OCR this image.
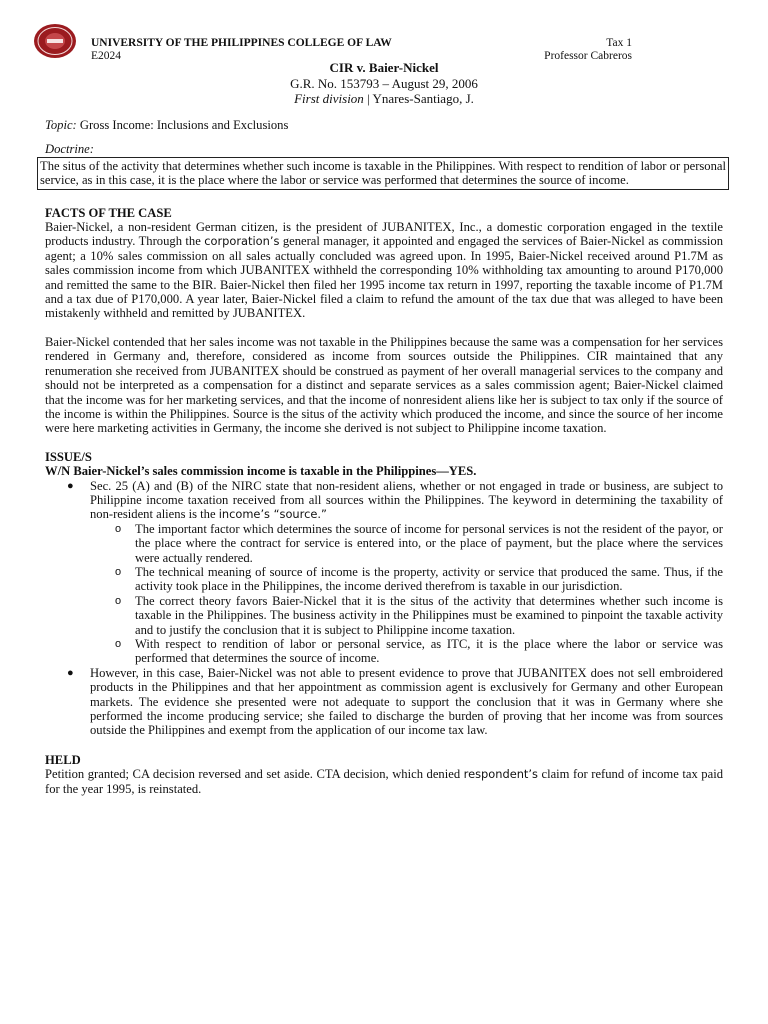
UNIVERSITY OF THE PHILIPPINES COLLEGE OF LAW
E2024
Tax 1
Professor Cabreros
CIR v. Baier-Nickel
G.R. No. 153793 – August 29, 2006
First division | Ynares-Santiago, J.

Topic: Gross Income: Inclusions and Exclusions

Doctrine:

The situs of the activity that determines whether such income is taxable in the Philippines. With respect to rendition of labor or personal service, as in this case, it is the place where the labor or service was performed that determines the source of income.

FACTS OF THE CASE

Baier-Nickel, a non-resident German citizen, is the president of JUBANITEX, Inc., a domestic corporation engaged in the textile products industry. Through the corporation’s general manager, it appointed and engaged the services of Baier-Nickel as commission agent; a 10% sales commission on all sales actually concluded was agreed upon. In 1995, Baier-Nickel received around P1.7M as sales commission income from which JUBANITEX withheld the corresponding 10% withholding tax amounting to around P170,000 and remitted the same to the BIR. Baier-Nickel then filed her 1995 income tax return in 1997, reporting the taxable income of P1.7M and a tax due of P170,000. A year later, Baier-Nickel filed a claim to refund the amount of the tax due that was alleged to have been mistakenly withheld and remitted by JUBANITEX.

Baier-Nickel contended that her sales income was not taxable in the Philippines because the same was a compensation for her services rendered in Germany and, therefore, considered as income from sources outside the Philippines. CIR maintained that any renumeration she received from JUBANITEX should be construed as payment of her overall managerial services to the company and should not be interpreted as a compensation for a distinct and separate services as a sales commission agent; Baier-Nickel claimed that the income was for her marketing services, and that the income of nonresident aliens like her is subject to tax only if the source of the income is within the Philippines. Source is the situs of the activity which produced the income, and since the source of her income were here marketing activities in Germany, the income she derived is not subject to Philippine income taxation.

ISSUE/S

W/N Baier-Nickel’s sales commission income is taxable in the Philippines—YES.

● Sec. 25 (A) and (B) of the NIRC state that non-resident aliens, whether or not engaged in trade or business, are subject to Philippine income taxation received from all sources within the Philippines. The keyword in determining the taxability of non-resident aliens is the income’s “source.”
o The important factor which determines the source of income for personal services is not the resident of the payor, or the place where the contract for service is entered into, or the place of payment, but the place where the services were actually rendered.
o The technical meaning of source of income is the property, activity or service that produced the same. Thus, if the activity took place in the Philippines, the income derived therefrom is taxable in our jurisdiction.
o The correct theory favors Baier-Nickel that it is the situs of the activity that determines whether such income is taxable in the Philippines. The business activity in the Philippines must be examined to pinpoint the taxable activity and to justify the conclusion that it is subject to Philippine income taxation.
o With respect to rendition of labor or personal service, as ITC, it is the place where the labor or service was performed that determines the source of income.
● However, in this case, Baier-Nickel was not able to present evidence to prove that JUBANITEX does not sell embroidered products in the Philippines and that her appointment as commission agent is exclusively for Germany and other European markets. The evidence she presented were not adequate to support the conclusion that it was in Germany where she performed the income producing service; she failed to discharge the burden of proving that her income was from sources outside the Philippines and exempt from the application of our income tax law.

HELD

Petition granted; CA decision reversed and set aside. CTA decision, which denied respondent’s claim for refund of income tax paid for the year 1995, is reinstated.
